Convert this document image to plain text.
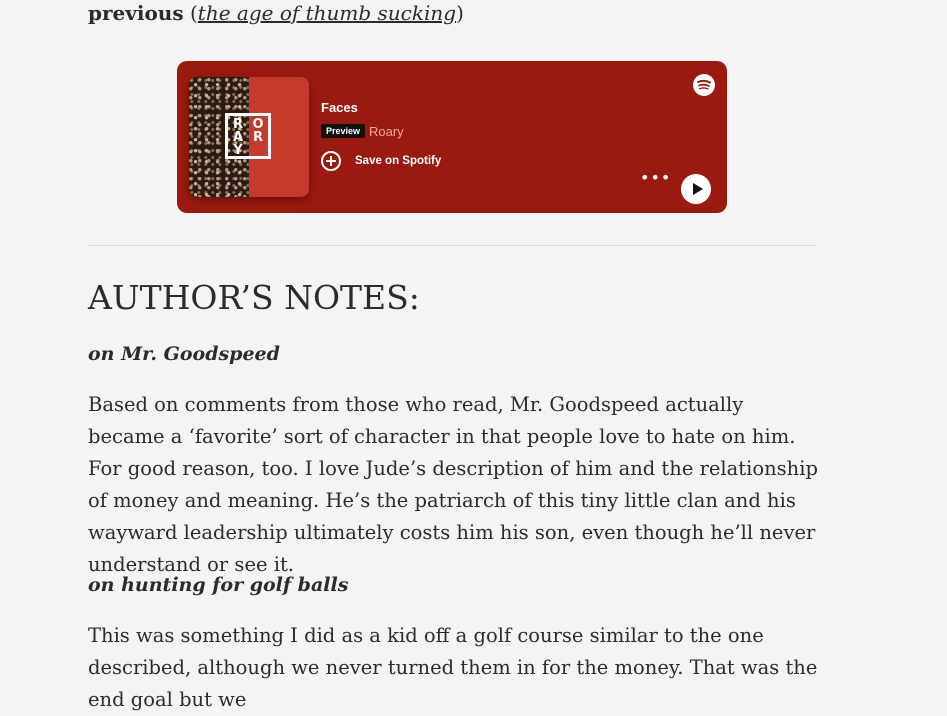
previous (the age of thumb sucking)
R O
A R
Y
Faces
Preview Roary
Save on Spotify
•••
AUTHOR’S NOTES:
on Mr. Goodspeed
Based on comments from those who read, Mr. Goodspeed actually became a ‘favorite’ sort of character in that people love to hate on him. For good reason, too. I love Jude’s description of him and the relationship of money and meaning. He’s the patriarch of this tiny little clan and his wayward leadership ultimately costs him his son, even though he’ll never understand or see it.
on hunting for golf balls
This was something I did as a kid off a golf course similar to the one described, although we never turned them in for the money. That was the end goal but we
